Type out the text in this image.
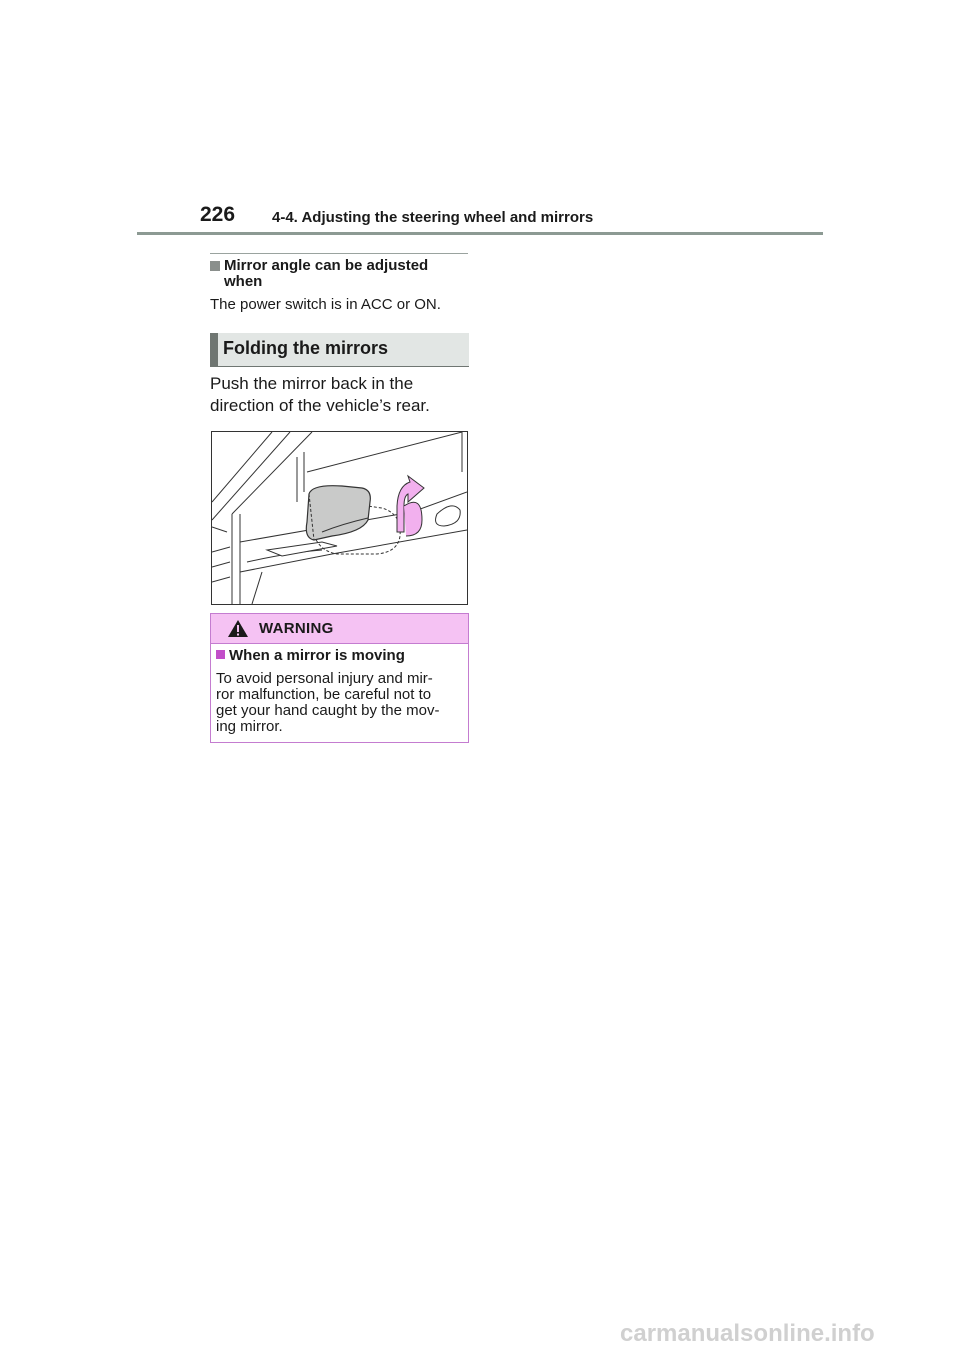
226 4-4. Adjusting the steering wheel and mirrors
Mirror angle can be adjusted
when
The power switch is in ACC or ON.
Folding the mirrors
Push the mirror back in the
direction of the vehicle’s rear.
WARNING
When a mirror is moving
To avoid personal injury and mir-
ror malfunction, be careful not to
get your hand caught by the mov-
ing mirror.
carmanualsonline.info
